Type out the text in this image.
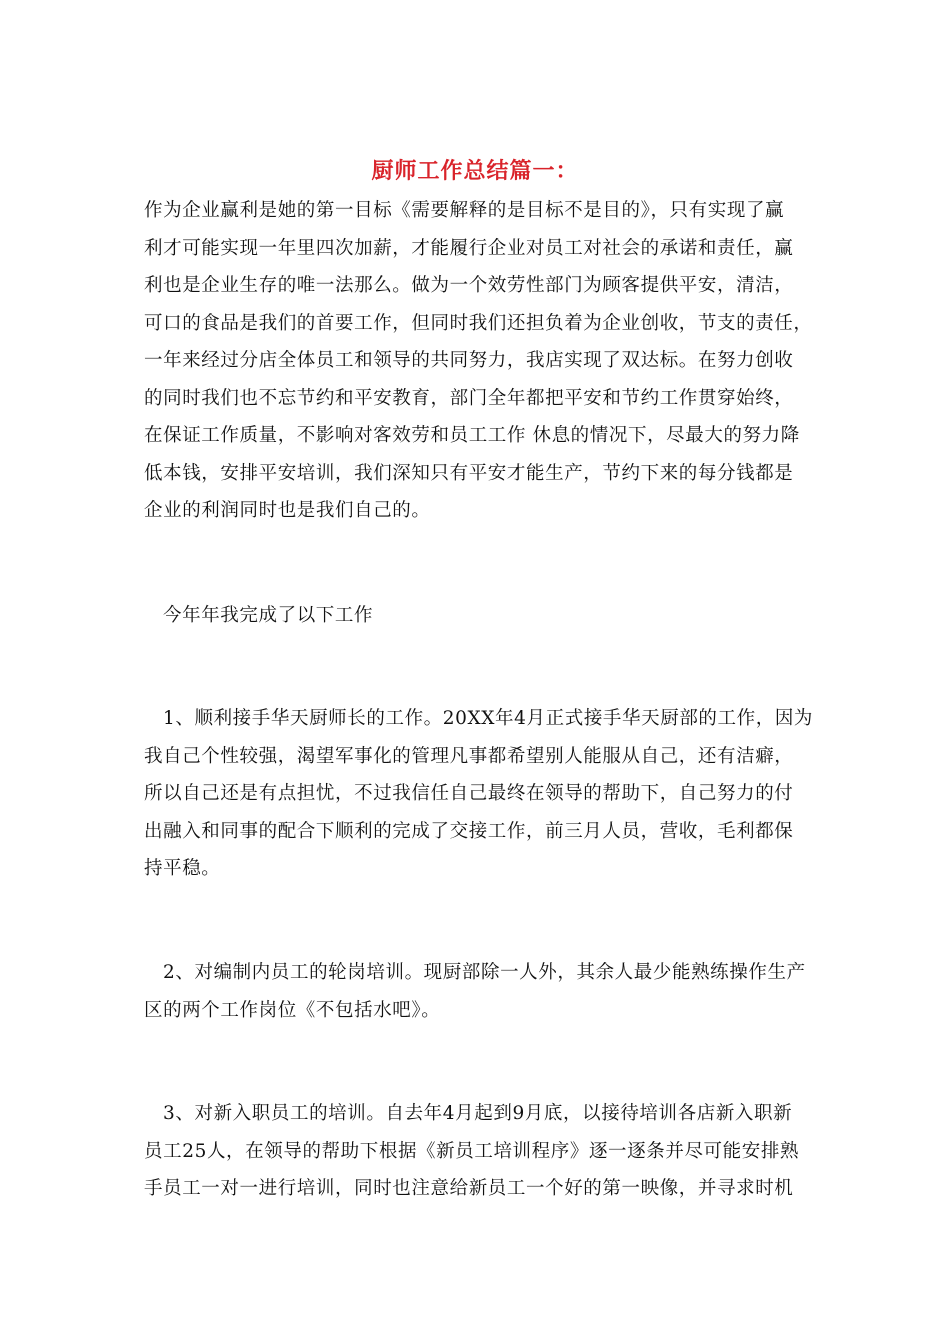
厨师工作总结篇一：
作为企业赢利是她的第一目标《需要解释的是目标不是目的》，只有实现了赢
利才可能实现一年里四次加薪，才能履行企业对员工对社会的承诺和责任，赢
利也是企业生存的唯一法那么。做为一个效劳性部门为顾客提供平安，清洁，
可口的食品是我们的首要工作，但同时我们还担负着为企业创收，节支的责任，
一年来经过分店全体员工和领导的共同努力，我店实现了双达标。在努力创收
的同时我们也不忘节约和平安教育，部门全年都把平安和节约工作贯穿始终，
在保证工作质量，不影响对客效劳和员工工作 休息的情况下，尽最大的努力降
低本钱，安排平安培训，我们深知只有平安才能生产，节约下来的每分钱都是
企业的利润同时也是我们自己的。
今年年我完成了以下工作
1、顺利接手华天厨师长的工作。20XX年4月正式接手华天厨部的工作，因为
我自己个性较强，渴望军事化的管理凡事都希望别人能服从自己，还有洁癖，
所以自己还是有点担忧，不过我信任自己最终在领导的帮助下，自己努力的付
出融入和同事的配合下顺利的完成了交接工作，前三月人员，营收，毛利都保
持平稳。
2、对编制内员工的轮岗培训。现厨部除一人外，其余人最少能熟练操作生产
区的两个工作岗位《不包括水吧》。
3、对新入职员工的培训。自去年4月起到9月底，以接待培训各店新入职新
员工25人，在领导的帮助下根据《新员工培训程序》逐一逐条并尽可能安排熟
手员工一对一进行培训，同时也注意给新员工一个好的第一映像，并寻求时机
